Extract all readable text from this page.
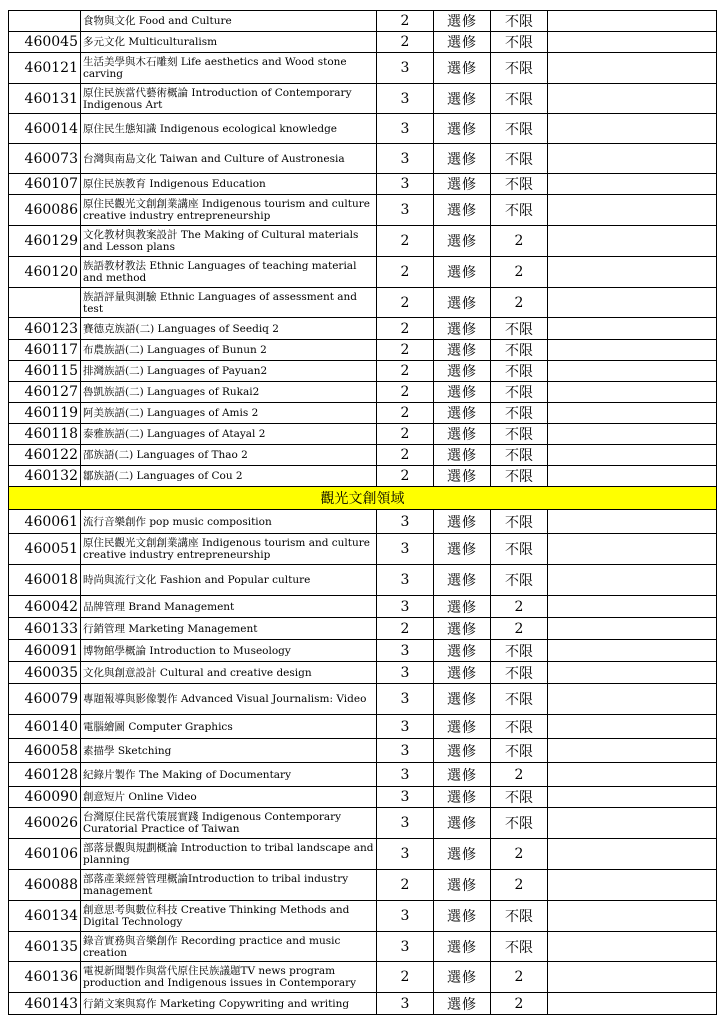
	食物與文化 Food and Culture	2	選修	不限	
460045	多元文化 Multiculturalism	2	選修	不限	
460121	生活美學與木石雕刻 Life aesthetics and Wood stone carving	3	選修	不限	
460131	原住民族當代藝術概論 Introduction of Contemporary Indigenous Art	3	選修	不限	
460014	原住民生態知識 Indigenous ecological knowledge	3	選修	不限	
460073	台灣與南島文化 Taiwan and Culture of Austronesia	3	選修	不限	
460107	原住民族教育 Indigenous Education	3	選修	不限	
460086	原住民觀光文創創業講座 Indigenous tourism and culture creative industry entrepreneurship	3	選修	不限	
460129	文化教材與教案設計 The Making of Cultural materials and Lesson plans	2	選修	2	
460120	族語教材教法 Ethnic Languages of teaching material and method	2	選修	2	
	族語評量與測驗 Ethnic Languages of assessment and test	2	選修	2	
460123	賽德克族語(二) Languages of Seediq 2	2	選修	不限	
460117	布農族語(二) Languages of Bunun 2	2	選修	不限	
460115	排灣族語(二) Languages of Payuan2	2	選修	不限	
460127	魯凱族語(二) Languages of Rukai2	2	選修	不限	
460119	阿美族語(二) Languages of Amis 2	2	選修	不限	
460118	泰雅族語(二) Languages of Atayal 2	2	選修	不限	
460122	邵族語(二) Languages of Thao 2	2	選修	不限	
460132	鄒族語(二) Languages of Cou 2	2	選修	不限	
觀光文創領域					
460061	流行音樂創作 pop music composition	3	選修	不限	
460051	原住民觀光文創創業講座 Indigenous tourism and culture creative industry entrepreneurship	3	選修	不限	
460018	時尚與流行文化 Fashion and Popular culture	3	選修	不限	
460042	品牌管理 Brand Management	3	選修	2	
460133	行銷管理 Marketing Management	2	選修	2	
460091	博物館學概論 Introduction to Museology	3	選修	不限	
460035	文化與創意設計 Cultural and creative design	3	選修	不限	
460079	專題報導與影像製作 Advanced Visual Journalism: Video	3	選修	不限	
460140	電腦繪圖 Computer Graphics	3	選修	不限	
460058	素描學 Sketching	3	選修	不限	
460128	紀錄片製作 The Making of Documentary	3	選修	2	
460090	創意短片 Online Video	3	選修	不限	
460026	台灣原住民當代策展實踐 Indigenous Contemporary Curatorial Practice of Taiwan	3	選修	不限	
460106	部落景觀與規劃概論 Introduction to tribal landscape and planning	3	選修	2	
460088	部落產業經營管理概論Introduction to tribal industry management	2	選修	2	
460134	創意思考與數位科技 Creative Thinking Methods and Digital Technology	3	選修	不限	
460135	錄音實務與音樂創作 Recording practice and music creation	3	選修	不限	
460136	電視新聞製作與當代原住民族議題TV news program production and Indigenous issues in Contemporary	2	選修	2	
460143	行銷文案與寫作 Marketing Copywriting and writing	3	選修	2	
